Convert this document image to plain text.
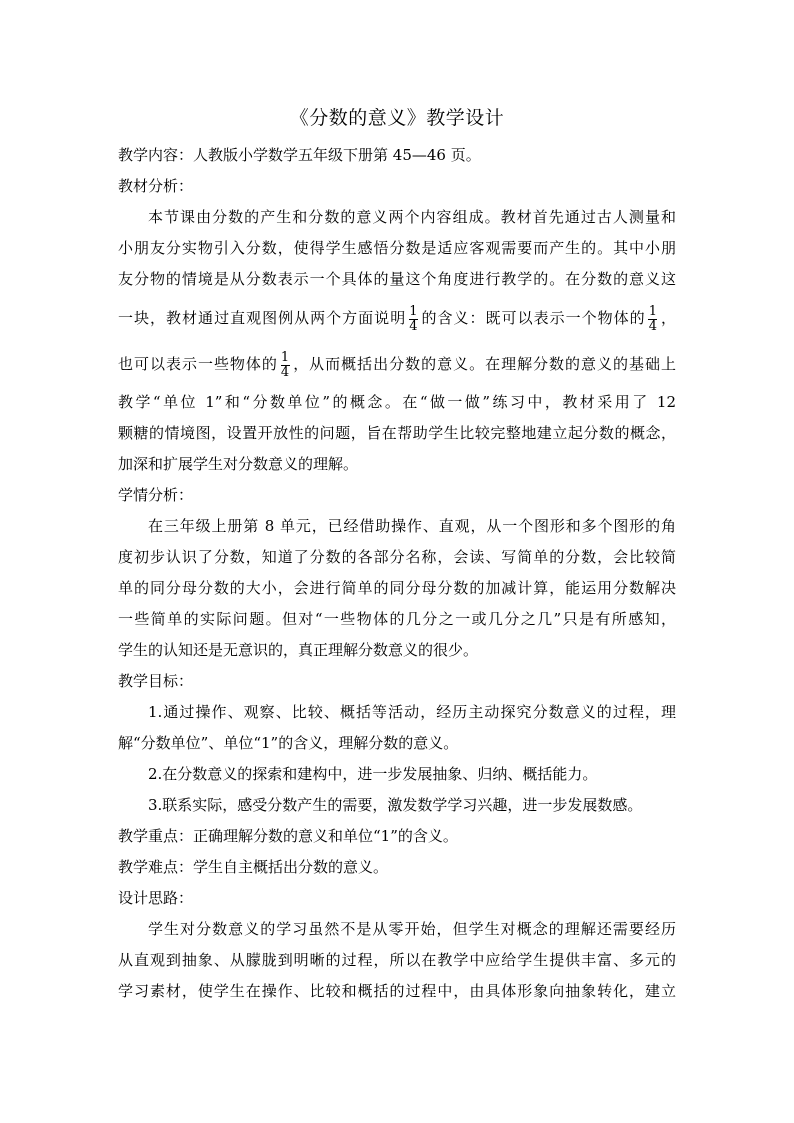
《分数的意义》教学设计
教学内容：人教版小学数学五年级下册第 45—46 页。
教材分析：
本节课由分数的产生和分数的意义两个内容组成。教材首先通过古人测量和
小朋友分实物引入分数，使得学生感悟分数是适应客观需要而产生的。其中小朋
友分物的情境是从分数表示一个具体的量这个角度进行教学的。在分数的意义这
一块，教材通过直观图例从两个方面说明 $\frac{1}{4}$ 的含义：既可以表示一个物体的 $\frac{1}{4}$ ，
也可以表示一些物体的 $\frac{1}{4}$ ，从而概括出分数的意义。在理解分数的意义的基础上
教学“单位 1”和“分数单位”的概念。在“做一做”练习中，教材采用了 12
颗糖的情境图，设置开放性的问题，旨在帮助学生比较完整地建立起分数的概念，
加深和扩展学生对分数意义的理解。
学情分析：
在三年级上册第 8 单元，已经借助操作、直观，从一个图形和多个图形的角
度初步认识了分数，知道了分数的各部分名称，会读、写简单的分数，会比较简
单的同分母分数的大小，会进行简单的同分母分数的加减计算，能运用分数解决
一些简单的实际问题。但对“一些物体的几分之一或几分之几”只是有所感知，
学生的认知还是无意识的，真正理解分数意义的很少。
教学目标：
1.通过操作、观察、比较、概括等活动，经历主动探究分数意义的过程，理
解“分数单位”、单位“1”的含义，理解分数的意义。
2.在分数意义的探索和建构中，进一步发展抽象、归纳、概括能力。
3.联系实际，感受分数产生的需要，激发数学学习兴趣，进一步发展数感。
教学重点：正确理解分数的意义和单位“1”的含义。
教学难点：学生自主概括出分数的意义。
设计思路：
学生对分数意义的学习虽然不是从零开始，但学生对概念的理解还需要经历
从直观到抽象、从朦胧到明晰的过程，所以在教学中应给学生提供丰富、多元的
学习素材，使学生在操作、比较和概括的过程中，由具体形象向抽象转化，建立
